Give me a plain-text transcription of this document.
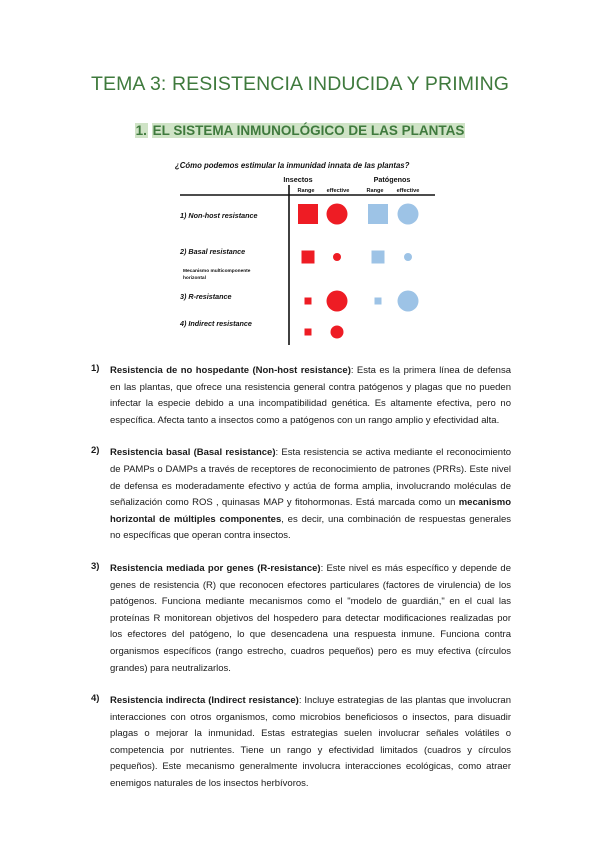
TEMA 3: RESISTENCIA INDUCIDA Y PRIMING
1. EL SISTEMA INMUNOLÓGICO DE LAS PLANTAS
¿Cómo podemos estimular la inmunidad innata de las plantas?
Insectos	Patógenos
Range effective	Range effective
1) Non-host resistance
2) Basal resistance
Mecanismo multicomponente
horizontal
3) R-resistance
4) Indirect resistance
1) Resistencia de no hospedante (Non-host resistance): Esta es la primera línea de defensa en las plantas, que ofrece una resistencia general contra patógenos y plagas que no pueden infectar la especie debido a una incompatibilidad genética. Es altamente efectiva, pero no específica. Afecta tanto a insectos como a patógenos con un rango amplio y efectividad alta.

2) Resistencia basal (Basal resistance): Esta resistencia se activa mediante el reconocimiento de PAMPs o DAMPs a través de receptores de reconocimiento de patrones (PRRs). Este nivel de defensa es moderadamente efectivo y actúa de forma amplia, involucrando moléculas de señalización como ROS , quinasas MAP y fitohormonas. Está marcada como un mecanismo horizontal de múltiples componentes, es decir, una combinación de respuestas generales no específicas que operan contra insectos.

3) Resistencia mediada por genes (R-resistance): Este nivel es más específico y depende de genes de resistencia (R) que reconocen efectores particulares (factores de virulencia) de los patógenos. Funciona mediante mecanismos como el "modelo de guardián," en el cual las proteínas R monitorean objetivos del hospedero para detectar modificaciones realizadas por los efectores del patógeno, lo que desencadena una respuesta inmune. Funciona contra organismos específicos (rango estrecho, cuadros pequeños) pero es muy efectiva (círculos grandes) para neutralizarlos.

4) Resistencia indirecta (Indirect resistance): Incluye estrategias de las plantas que involucran interacciones con otros organismos, como microbios beneficiosos o insectos, para disuadir plagas o mejorar la inmunidad. Estas estrategias suelen involucrar señales volátiles o competencia por nutrientes. Tiene un rango y efectividad limitados (cuadros y círculos pequeños). Este mecanismo generalmente involucra interacciones ecológicas, como atraer enemigos naturales de los insectos herbívoros.
